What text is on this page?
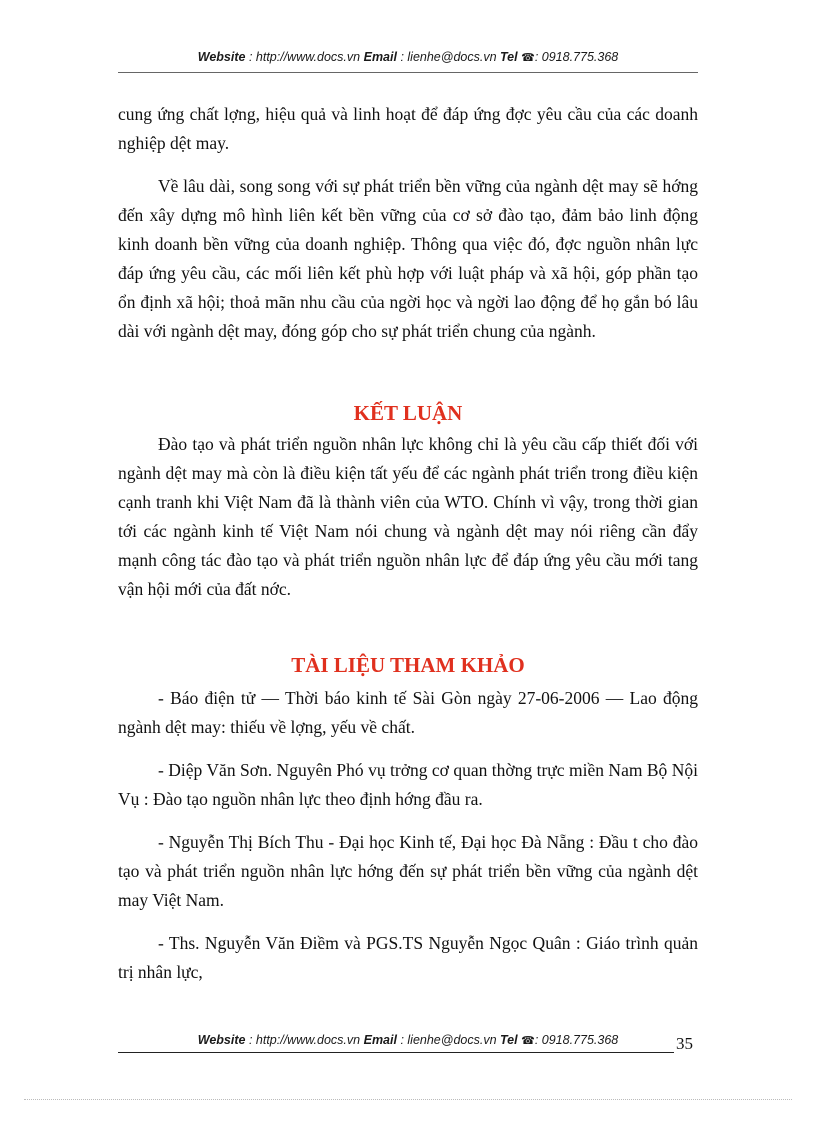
Website : http://www.docs.vn Email : lienhe@docs.vn Tel ☎: 0918.775.368

cung ứng chất lợng, hiệu quả và linh hoạt để đáp ứng đợc yêu cầu của các doanh nghiệp dệt may.

Về lâu dài, song song với sự phát triển bền vững của ngành dệt may sẽ hớng đến xây dựng mô hình liên kết bền vững của cơ sở đào tạo, đảm bảo linh động kinh doanh bền vững của doanh nghiệp. Thông qua việc đó, đợc nguồn nhân lực đáp ứng yêu cầu, các mối liên kết phù hợp với luật pháp và xã hội, góp phần tạo ổn định xã hội; thoả mãn nhu cầu của ngời học và ngời lao động để họ gắn bó lâu dài với ngành dệt may, đóng góp cho sự phát triển chung của ngành.

KẾT LUẬN

Đào tạo và phát triển nguồn nhân lực không chỉ là yêu cầu cấp thiết đối với ngành dệt may mà còn là điều kiện tất yếu để các ngành phát triển trong điều kiện cạnh tranh khi Việt Nam đã là thành viên của WTO. Chính vì vậy, trong thời gian tới các ngành kinh tế Việt Nam nói chung và ngành dệt may nói riêng cần đẩy mạnh công tác đào tạo và phát triển nguồn nhân lực để đáp ứng yêu cầu mới tang vận hội mới của đất nớc.

TÀI LIỆU THAM KHẢO

- Báo điện tử — Thời báo kinh tế Sài Gòn ngày 27-06-2006 — Lao động ngành dệt may: thiếu về lợng, yếu về chất.

- Diệp Văn Sơn. Nguyên Phó vụ trởng cơ quan thờng trực miền Nam Bộ Nội Vụ : Đào tạo nguồn nhân lực theo định hớng đầu ra.

- Nguyễn Thị Bích Thu - Đại học Kinh tế, Đại học Đà Nẵng : Đầu t cho đào tạo và phát triển nguồn nhân lực hớng đến sự phát triển bền vững của ngành dệt may Việt Nam.

- Ths. Nguyễn Văn Điềm và PGS.TS Nguyễn Ngọc Quân : Giáo trình quản trị nhân lực,

Website : http://www.docs.vn Email : lienhe@docs.vn Tel ☎: 0918.775.368	35
